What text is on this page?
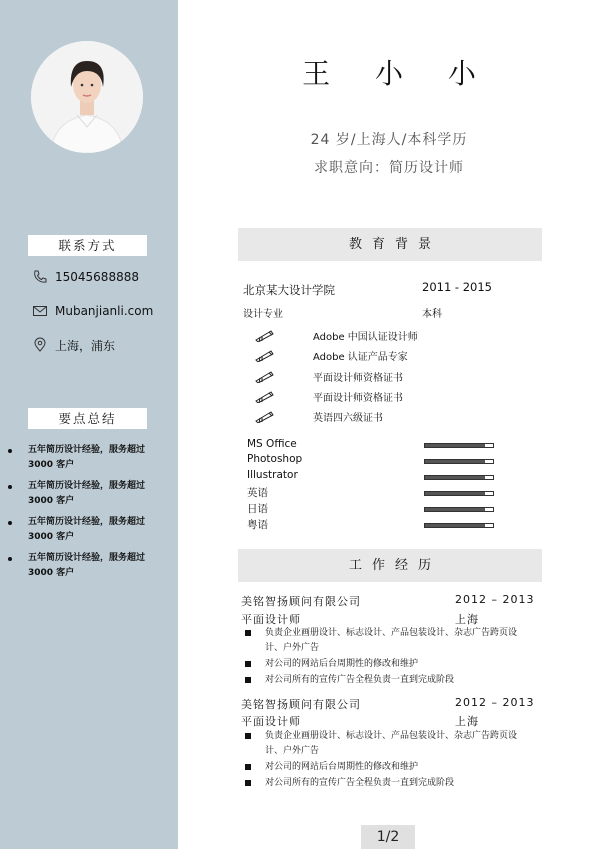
联系方式
15045688888
Mubanjianli.com
上海，浦东
要点总结
五年简历设计经验，服务超过 3000 客户
五年简历设计经验，服务超过 3000 客户
五年简历设计经验，服务超过 3000 客户
五年简历设计经验，服务超过 3000 客户
王 小 小
24 岁/上海人/本科学历
求职意向：简历设计师
教育背景
北京某大设计学院	2011 - 2015
设计专业	本科
Adobe 中国认证设计师
Adobe 认证产品专家
平面设计师资格证书
平面设计师资格证书
英语四六级证书
MS Office
Photoshop
Illustrator
英语
日语
粤语
工作经历
美铭智扬顾问有限公司	2012 – 2013
平面设计师	上海
负责企业画册设计、标志设计、产品包装设计、杂志广告跨页设计、户外广告
对公司的网站后台周期性的修改和维护
对公司所有的宣传广告全程负责一直到完成阶段
美铭智扬顾问有限公司	2012 – 2013
平面设计师	上海
负责企业画册设计、标志设计、产品包装设计、杂志广告跨页设计、户外广告
对公司的网站后台周期性的修改和维护
对公司所有的宣传广告全程负责一直到完成阶段
1/2
